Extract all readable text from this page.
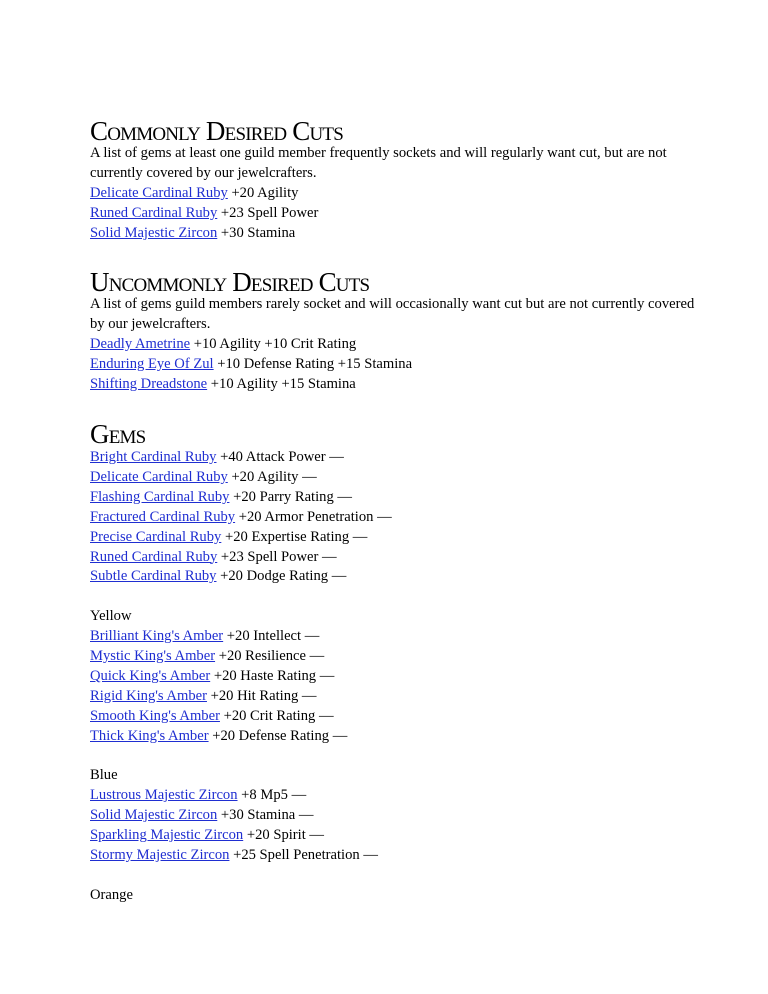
Commonly Desired Cuts

A list of gems at least one guild member frequently sockets and will regularly want cut, but are not currently covered by our jewelcrafters.

Delicate Cardinal Ruby +20 Agility
Runed Cardinal Ruby +23 Spell Power
Solid Majestic Zircon +30 Stamina
Uncommonly Desired Cuts

A list of gems guild members rarely socket and will occasionally want cut but are not currently covered by our jewelcrafters.

Deadly Ametrine +10 Agility +10 Crit Rating
Enduring Eye Of Zul +10 Defense Rating +15 Stamina
Shifting Dreadstone +10 Agility +15 Stamina
Gems
Bright Cardinal Ruby +40 Attack Power —
Delicate Cardinal Ruby +20 Agility —
Flashing Cardinal Ruby +20 Parry Rating —
Fractured Cardinal Ruby +20 Armor Penetration —
Precise Cardinal Ruby +20 Expertise Rating —
Runed Cardinal Ruby +23 Spell Power —
Subtle Cardinal Ruby +20 Dodge Rating —
Yellow
Brilliant King's Amber +20 Intellect —
Mystic King's Amber +20 Resilience —
Quick King's Amber +20 Haste Rating —
Rigid King's Amber +20 Hit Rating —
Smooth King's Amber +20 Crit Rating —
Thick King's Amber +20 Defense Rating —
Blue
Lustrous Majestic Zircon +8 Mp5 —
Solid Majestic Zircon +30 Stamina —
Sparkling Majestic Zircon +20 Spirit —
Stormy Majestic Zircon +25 Spell Penetration —
Orange
